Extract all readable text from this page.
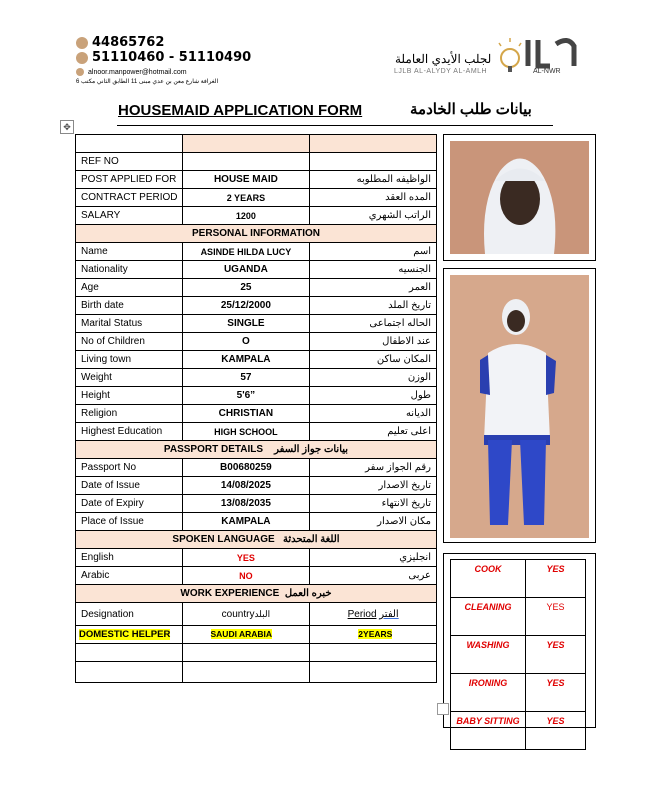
44865762
51110460 - 51110490
alnoor.manpower@hotmail.com
الغرافة شارع معن بن عدي مبنى 11 الطابق الثاني مكتب 6
لجلب الأيدي العاملة
LJLB AL-ALYDY AL-AMLH	AL-NWR
✥
HOUSEMAID APPLICATION FORM	بيانات طلب الخادمة

REF NO		
POST APPLIED FOR	HOUSE MAID	الواظيفه المطلوبه
CONTRACT PERIOD	2 YEARS	المده العقد
SALARY	1200	الراتب الشهري
PERSONAL INFORMATION		
Name	ASINDE HILDA LUCY	اسم
Nationality	UGANDA	الجنسيه
Age	25	العمر
Birth date	25/12/2000	تاريخ الملد
Marital Status	SINGLE	الحاله اجتماعى
No of Children	O	عند الاطفال
Living town	KAMPALA	المكان ساكن
Weight	57	الوزن
Height	5'6”	طول
Religion	CHRISTIAN	الديانه
Highest Education	HIGH SCHOOL	اعلى تعليم
PASSPORT DETAILS بيانات جواز السفر		
Passport No	B00680259	رقم الجواز سفر
Date of Issue	14/08/2025	تاريخ الاصدار
Date of Expiry	13/08/2035	تاريخ الانتهاء
Place of Issue	KAMPALA	مكان الاصدار
SPOKEN LANGUAGE اللغة المتحدثة		
English	YES	انجليزي
Arabic	NO	عربى
WORK EXPERIENCE خبره العمل		
Designation	countryالبلد	Period الفتر
DOMESTIC HELPER	SAUDI ARABIA	2YEARS

COOK	YES
CLEANING	YES
WASHING	YES
IRONING	YES
BABY SITTING	YES
